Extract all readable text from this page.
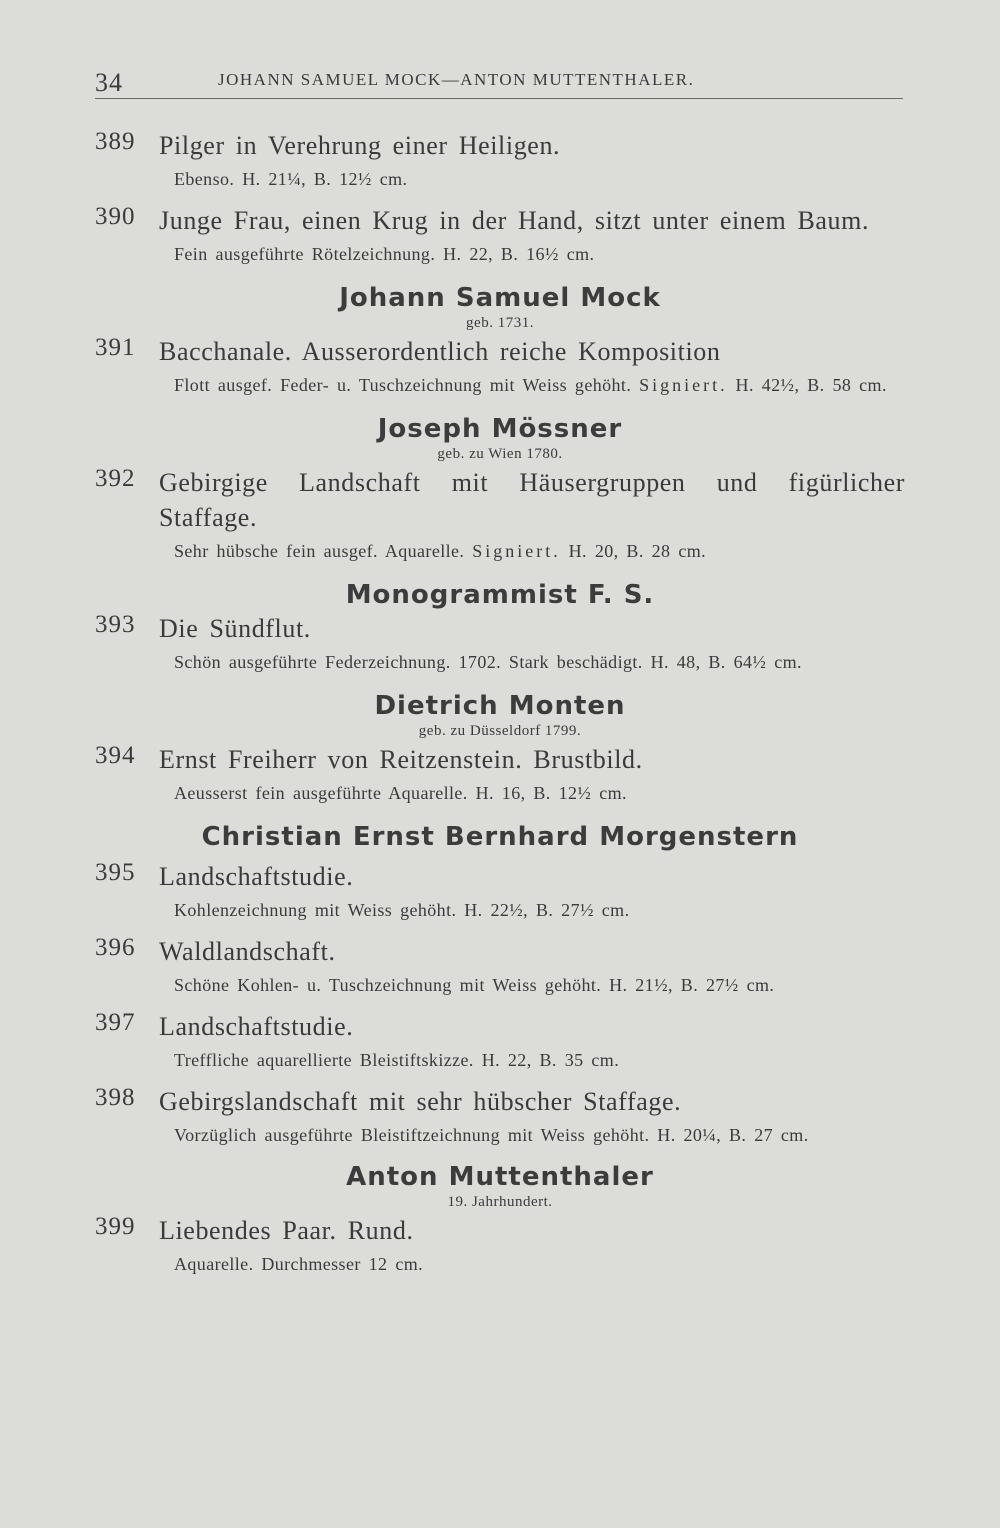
34	JOHANN SAMUEL MOCK—ANTON MUTTENTHALER.
389 Pilger in Verehrung einer Heiligen.
Ebenso. H. 21¼, B. 12½ cm.
390 Junge Frau, einen Krug in der Hand, sitzt unter einem Baum.
Fein ausgeführte Rötelzeichnung. H. 22, B. 16½ cm.
Johann Samuel Mock
geb. 1731.
391 Bacchanale. Ausserordentlich reiche Komposition
Flott ausgef. Feder- u. Tuschzeichnung mit Weiss gehöht. Signiert. H. 42½, B. 58 cm.
Joseph Mössner
geb. zu Wien 1780.
392 Gebirgige Landschaft mit Häusergruppen und figürlicher Staffage.
Sehr hübsche fein ausgef. Aquarelle. Signiert. H. 20, B. 28 cm.
Monogrammist F. S.
393 Die Sündflut.
Schön ausgeführte Federzeichnung. 1702. Stark beschädigt. H. 48, B. 64½ cm.
Dietrich Monten
geb. zu Düsseldorf 1799.
394 Ernst Freiherr von Reitzenstein. Brustbild.
Aeusserst fein ausgeführte Aquarelle. H. 16, B. 12½ cm.
Christian Ernst Bernhard Morgenstern
395 Landschaftstudie.
Kohlenzeichnung mit Weiss gehöht. H. 22½, B. 27½ cm.
396 Waldlandschaft.
Schöne Kohlen- u. Tuschzeichnung mit Weiss gehöht. H. 21½, B. 27½ cm.
397 Landschaftstudie.
Treffliche aquarellierte Bleistiftskizze. H. 22, B. 35 cm.
398 Gebirgslandschaft mit sehr hübscher Staffage.
Vorzüglich ausgeführte Bleistiftzeichnung mit Weiss gehöht. H. 20¼, B. 27 cm.
Anton Muttenthaler
19. Jahrhundert.
399 Liebendes Paar. Rund.
Aquarelle. Durchmesser 12 cm.
